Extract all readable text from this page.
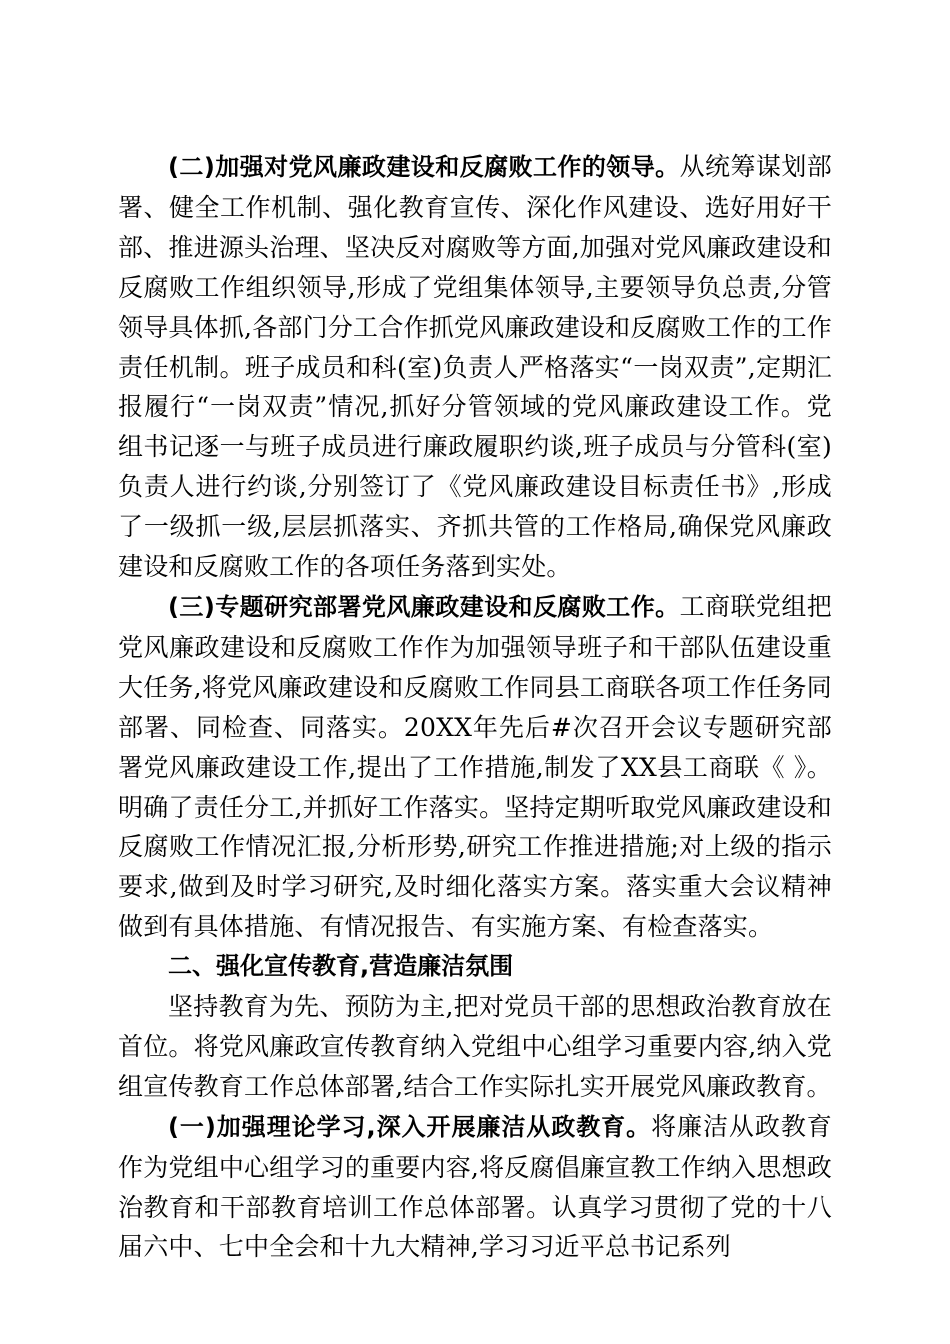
(二)加强对党风廉政建设和反腐败工作的领导。从统筹谋划部署、健全工作机制、强化教育宣传、深化作风建设、选好用好干部、推进源头治理、坚决反对腐败等方面,加强对党风廉政建设和反腐败工作组织领导,形成了党组集体领导,主要领导负总责,分管领导具体抓,各部门分工合作抓党风廉政建设和反腐败工作的工作责任机制。班子成员和科(室)负责人严格落实“一岗双责”,定期汇报履行“一岗双责”情况,抓好分管领域的党风廉政建设工作。党组书记逐一与班子成员进行廉政履职约谈,班子成员与分管科(室)负责人进行约谈,分别签订了《党风廉政建设目标责任书》,形成了一级抓一级,层层抓落实、齐抓共管的工作格局,确保党风廉政建设和反腐败工作的各项任务落到实处。

(三)专题研究部署党风廉政建设和反腐败工作。工商联党组把党风廉政建设和反腐败工作作为加强领导班子和干部队伍建设重大任务,将党风廉政建设和反腐败工作同县工商联各项工作任务同部署、同检查、同落实。20XX年先后#次召开会议专题研究部署党风廉政建设工作,提出了工作措施,制发了XX县工商联《 》。明确了责任分工,并抓好工作落实。坚持定期听取党风廉政建设和反腐败工作情况汇报,分析形势,研究工作推进措施;对上级的指示要求,做到及时学习研究,及时细化落实方案。落实重大会议精神做到有具体措施、有情况报告、有实施方案、有检查落实。

二、强化宣传教育,营造廉洁氛围

坚持教育为先、预防为主,把对党员干部的思想政治教育放在首位。将党风廉政宣传教育纳入党组中心组学习重要内容,纳入党组宣传教育工作总体部署,结合工作实际扎实开展党风廉政教育。

(一)加强理论学习,深入开展廉洁从政教育。将廉洁从政教育作为党组中心组学习的重要内容,将反腐倡廉宣教工作纳入思想政治教育和干部教育培训工作总体部署。认真学习贯彻了党的十八届六中、七中全会和十九大精神,学习习近平总书记系列
